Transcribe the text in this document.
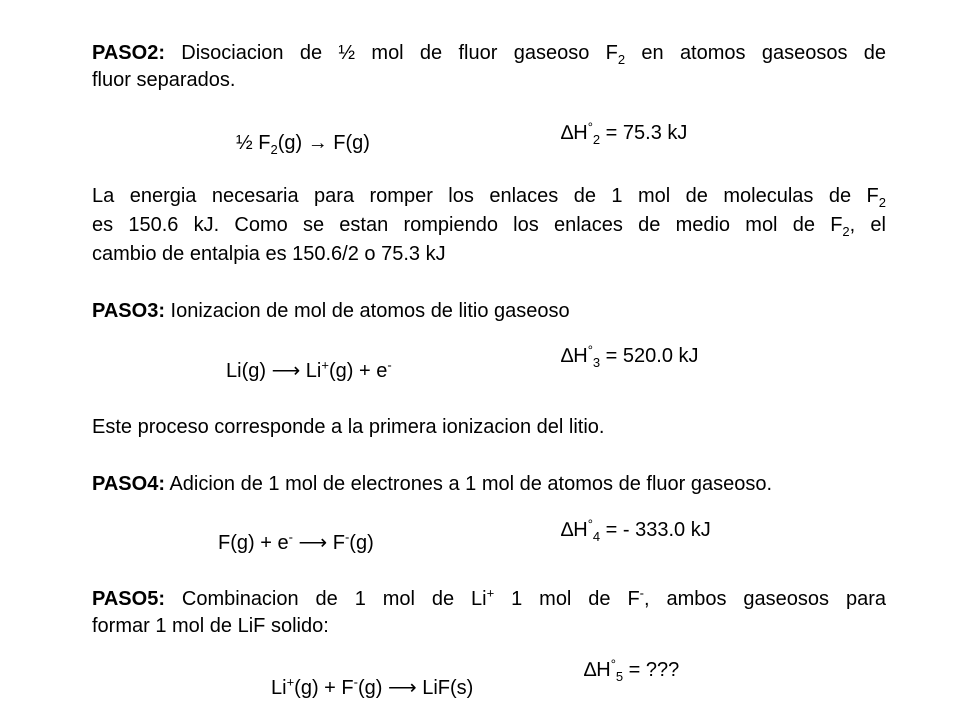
PASO2: Disociacion de ½ mol de fluor gaseoso $F_2$ en atomos gaseosos de
fluor separados.
½ $F_2(g) \to F(g)$	$\Delta H^\circ_2 = 75.3$ kJ
La energia necesaria para romper los enlaces de 1 mol de moleculas de $F_2$
es 150.6 kJ. Como se estan rompiendo los enlaces de medio mol de $F_2$, el
cambio de entalpia es 150.6/2 o 75.3 kJ
PASO3: Ionizacion de mol de atomos de litio gaseoso
Li(g) ⟶ Li+(g) + e-	$\Delta H^\circ_3 = 520.0$ kJ
Este proceso corresponde a la primera ionizacion del litio.
PASO4: Adicion de 1 mol de electrones a 1 mol de atomos de fluor gaseoso.
F(g) + e- ⟶ F-(g)
$\Delta H^\circ_4$ = - 333.0 kJ
PASO5: Combinacion de 1 mol de Li+ 1 mol de F-, ambos gaseosos para
formar 1 mol de LiF solido:
Li+(g) + F-(g) ⟶ LiF(s)
$\Delta H^\circ_5$ = ???
